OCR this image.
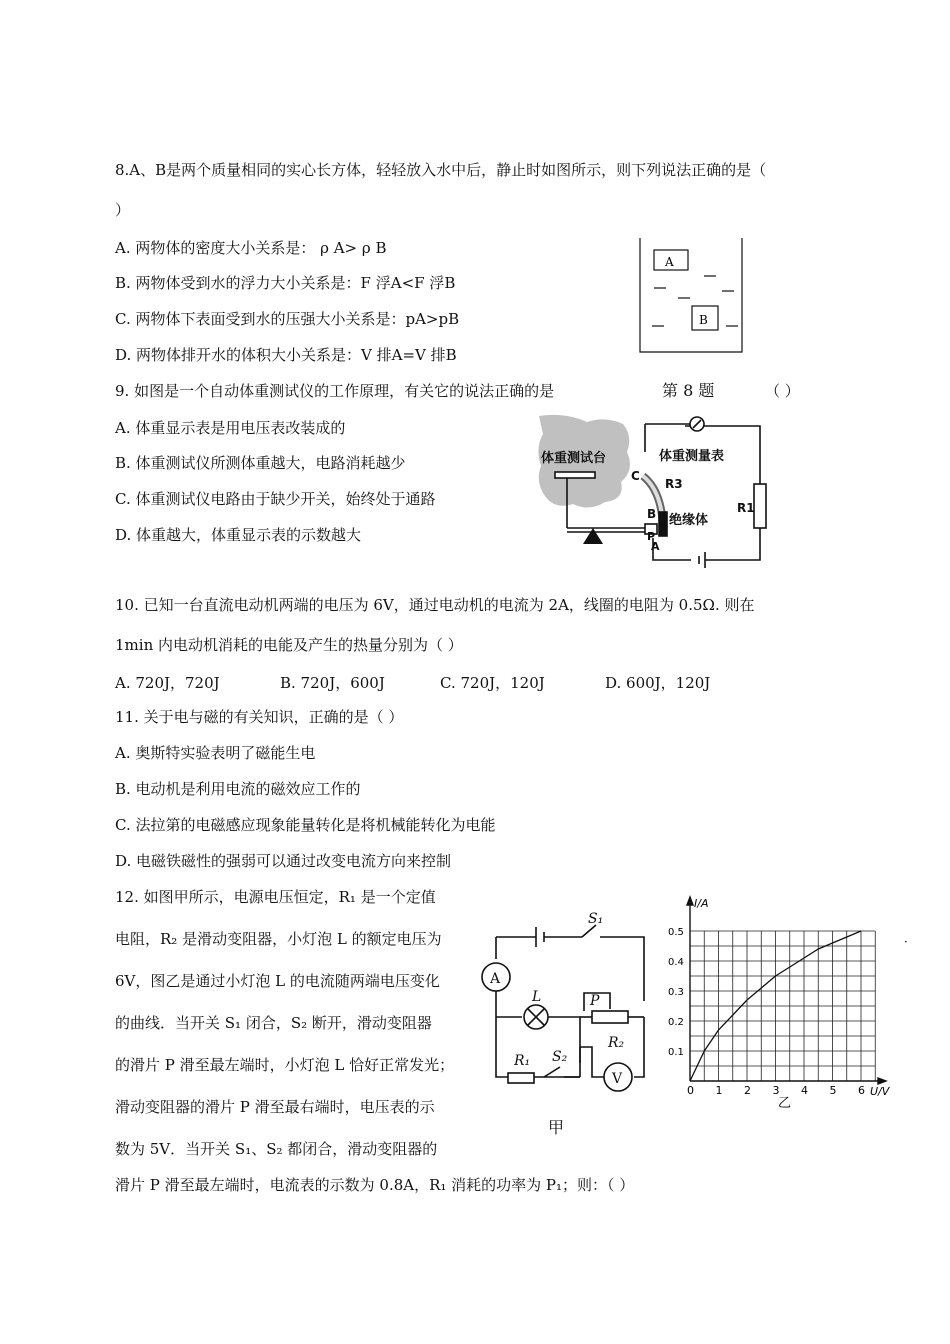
8.A、B是两个质量相同的实心长方体，轻轻放入水中后，静止时如图所示，则下列说法正确的是（
）
A. 两物体的密度大小关系是： ρ A> ρ B
B. 两物体受到水的浮力大小关系是：F 浮A<F 浮B
C. 两物体下表面受到水的压强大小关系是：pA>pB
D. 两物体排开水的体积大小关系是：V 排A=V 排B
A
B
第 8 题
9. 如图是一个自动体重测试仪的工作原理，有关它的说法正确的是	（ ）
A. 体重显示表是用电压表改装成的
B. 体重测试仪所测体重越大，电路消耗越少
C. 体重测试仪电路由于缺少开关，始终处于通路
D. 体重越大，体重显示表的示数越大
体重测试台	体重测量表
绝缘体
R3
R1
C
B
P
A
10. 已知一台直流电动机两端的电压为 6V，通过电动机的电流为 2A，线圈的电阻为 0.5Ω. 则在
1min 内电动机消耗的电能及产生的热量分别为（ ）
A. 720J，720J	B. 720J，600J	C. 720J，120J	D. 600J，120J
11. 关于电与磁的有关知识，正确的是（ ）
A. 奥斯特实验表明了磁能生电
B. 电动机是利用电流的磁效应工作的
C. 法拉第的电磁感应现象能量转化是将机械能转化为电能
D. 电磁铁磁性的强弱可以通过改变电流方向来控制
12. 如图甲所示，电源电压恒定，R₁ 是一个定值
电阻，R₂ 是滑动变阻器，小灯泡 L 的额定电压为
6V，图乙是通过小灯泡 L 的电流随两端电压变化
的曲线．当开关 S₁ 闭合，S₂ 断开，滑动变阻器
的滑片 P 滑至最左端时，小灯泡 L 恰好正常发光；
滑动变阻器的滑片 P 滑至最右端时，电压表的示
数为 5V．当开关 S₁、S₂ 都闭合，滑动变阻器的
滑片 P 滑至最左端时，电流表的示数为 0.8A，R₁ 消耗的功率为 P₁；则：（ ）
S₁
A
L	P
R₂
R₁ S₂
V
甲
0 1 2 3 4 5 6
0.1
0.2
0.3
0.4
0.5
I/A
U/V
乙
·
